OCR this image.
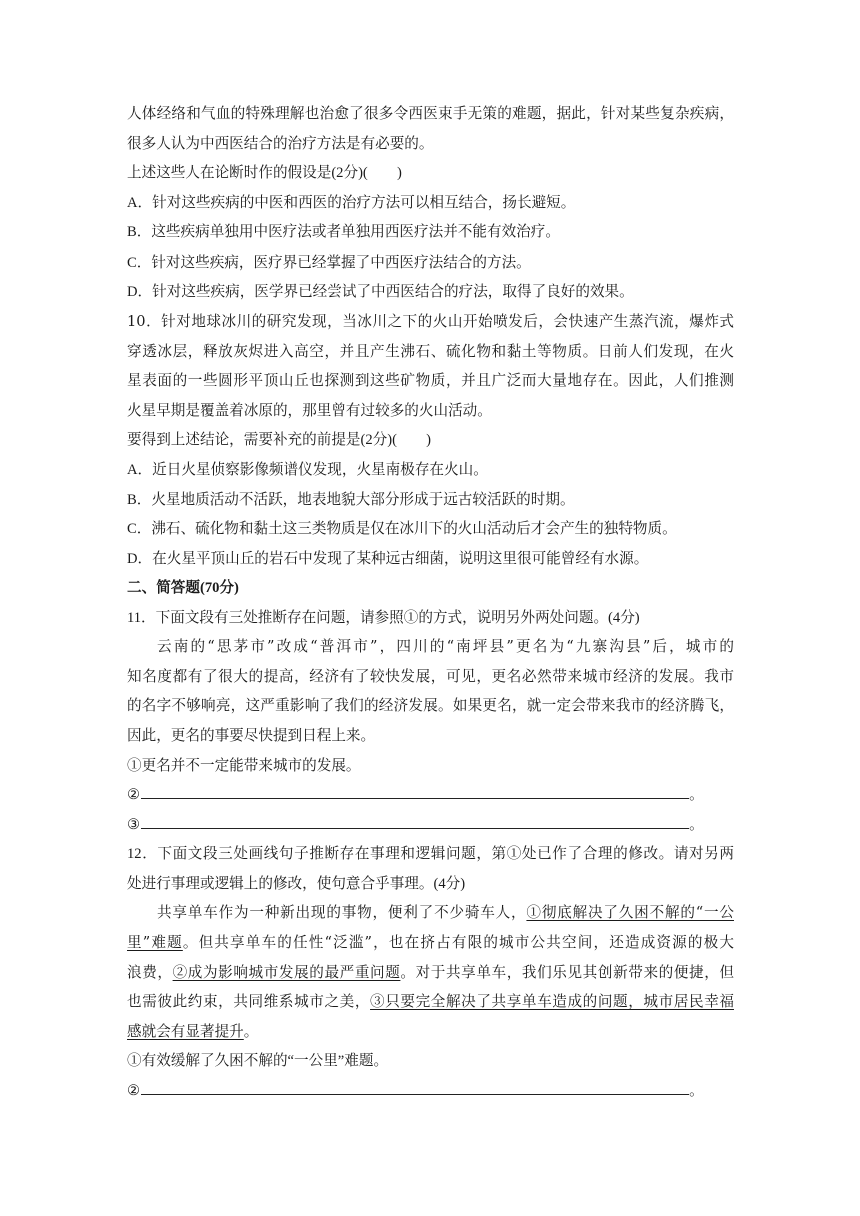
人体经络和气血的特殊理解也治愈了很多令西医束手无策的难题，据此，针对某些复杂疾病，
很多人认为中西医结合的治疗方法是有必要的。
上述这些人在论断时作的假设是(2分)(　　)
A．针对这些疾病的中医和西医的治疗方法可以相互结合，扬长避短。
B．这些疾病单独用中医疗法或者单独用西医疗法并不能有效治疗。
C．针对这些疾病，医疗界已经掌握了中西医疗法结合的方法。
D．针对这些疾病，医学界已经尝试了中西医结合的疗法，取得了良好的效果。
10．针对地球冰川的研究发现，当冰川之下的火山开始喷发后，会快速产生蒸汽流，爆炸式
穿透冰层，释放灰烬进入高空，并且产生沸石、硫化物和黏土等物质。日前人们发现，在火
星表面的一些圆形平顶山丘也探测到这些矿物质，并且广泛而大量地存在。因此，人们推测
火星早期是覆盖着冰原的，那里曾有过较多的火山活动。
要得到上述结论，需要补充的前提是(2分)(　　)
A．近日火星侦察影像频谱仪发现，火星南极存在火山。
B．火星地质活动不活跃，地表地貌大部分形成于远古较活跃的时期。
C．沸石、硫化物和黏土这三类物质是仅在冰川下的火山活动后才会产生的独特物质。
D．在火星平顶山丘的岩石中发现了某种远古细菌，说明这里很可能曾经有水源。
二、简答题(70分)
11．下面文段有三处推断存在问题，请参照①的方式，说明另外两处问题。(4分)
云南的“思茅市”改成“普洱市”，四川的“南坪县”更名为“九寨沟县”后，城市的
知名度都有了很大的提高，经济有了较快发展，可见，更名必然带来城市经济的发展。我市
的名字不够响亮，这严重影响了我们的经济发展。如果更名，就一定会带来我市的经济腾飞，
因此，更名的事要尽快提到日程上来。
①更名并不一定能带来城市的发展。
②	。
③	。
12．下面文段三处画线句子推断存在事理和逻辑问题，第①处已作了合理的修改。请对另两
处进行事理或逻辑上的修改，使句意合乎事理。(4分)
共享单车作为一种新出现的事物，便利了不少骑车人，①彻底解决了久困不解的“一公
里”难题。但共享单车的任性“泛滥”，也在挤占有限的城市公共空间，还造成资源的极大
浪费，②成为影响城市发展的最严重问题。对于共享单车，我们乐见其创新带来的便捷，但
也需彼此约束，共同维系城市之美，③只要完全解决了共享单车造成的问题，城市居民幸福
感就会有显著提升。
①有效缓解了久困不解的“一公里”难题。
②	。
